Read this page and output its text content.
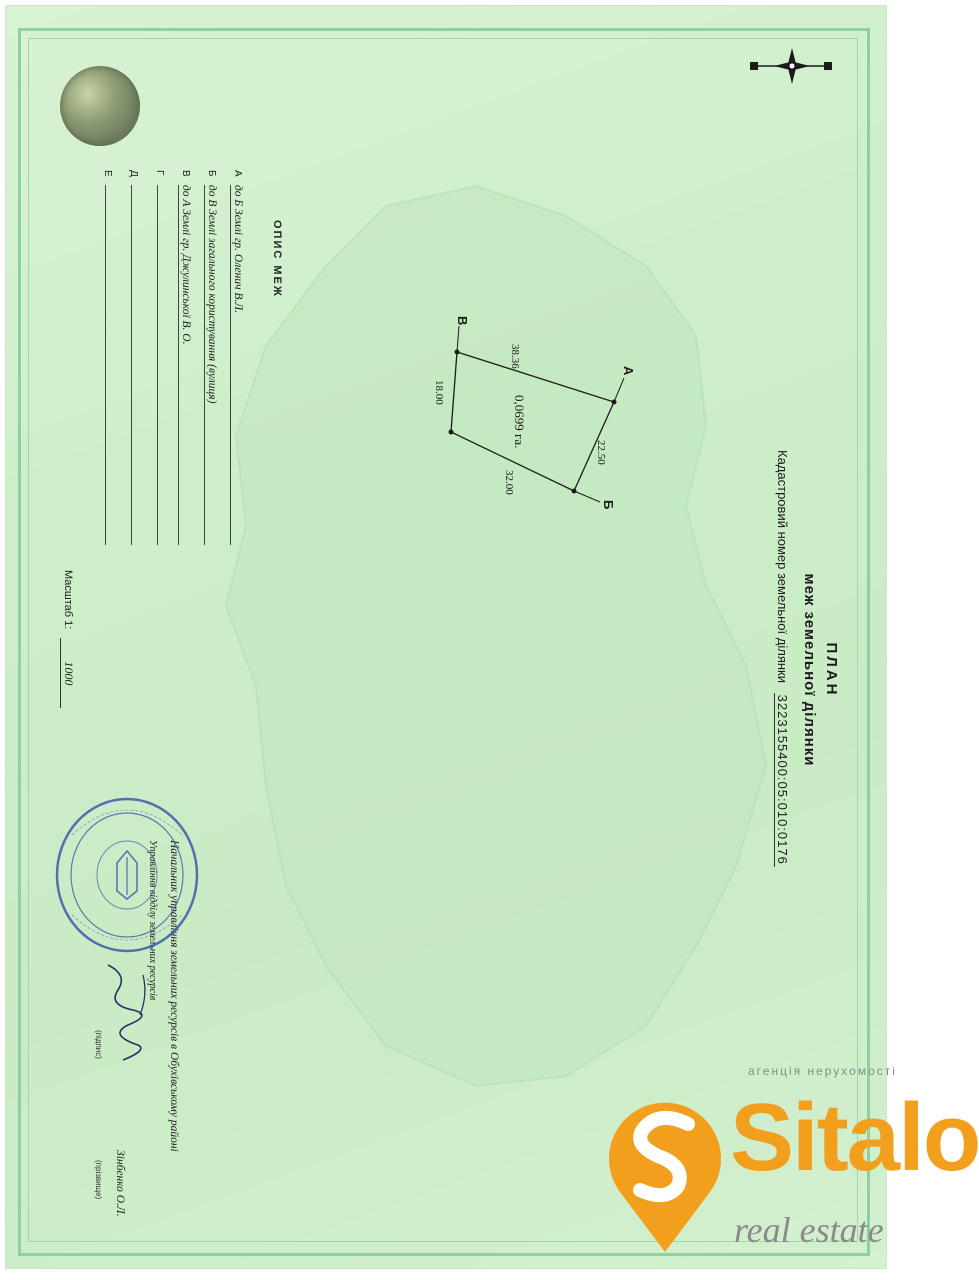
ПЛАН
меж земельної ділянки
Кадастровий номер земельної ділянки 3223155400:05:010:0176
ОПИС МЕЖ
А до Б Землі гр. Оленич В.Л.
Б до В Землі загального користування (вулиця)
В до А Землі гр. Джулинської В. О.
Г
Д
Е
Масштаб 1: 1000
Начальник управління земельних ресурсів в Обухівському районі
Управління відділу земельних ресурсів
Зінбенко О.Л.
(підпис)
(прізвище)
А
Б
В
22.50
32.00
18.00
38.36
0,0699 га.
агенція нерухомості
Sitalo
real estate
